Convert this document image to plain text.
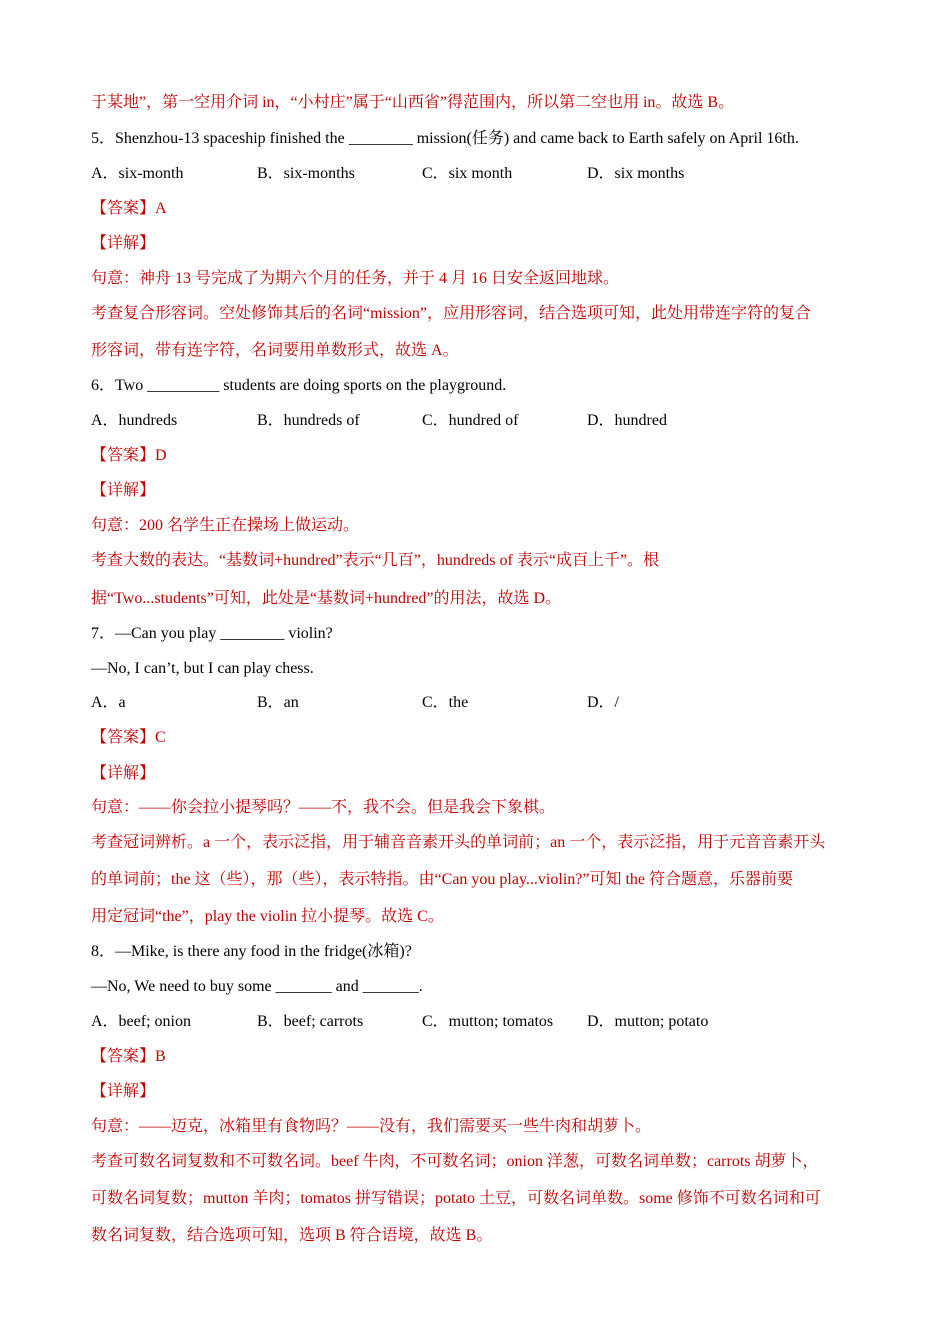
于某地”，第一空用介词 in，“小村庄”属于“山西省”得范围内，所以第二空也用 in。故选 B。
5．Shenzhou-13 spaceship finished the ________ mission(任务) and came back to Earth safely on April 16th.
A．six-month	B．six-months	C．six month	D．six months
【答案】A
【详解】
句意：神舟 13 号完成了为期六个月的任务，并于 4 月 16 日安全返回地球。
考查复合形容词。空处修饰其后的名词“mission”，应用形容词，结合选项可知，此处用带连字符的复合
形容词，带有连字符，名词要用单数形式，故选 A。
6．Two _________ students are doing sports on the playground.
A．hundreds	B．hundreds of	C．hundred of	D．hundred
【答案】D
【详解】
句意：200 名学生正在操场上做运动。
考查大数的表达。“基数词+hundred”表示“几百”，hundreds of 表示“成百上千”。根
据“Two...students”可知，此处是“基数词+hundred”的用法，故选 D。
7．—Can you play ________ violin?
—No, I can’t, but I can play chess.
A．a	B．an	C．the	D．/
【答案】C
【详解】
句意：——你会拉小提琴吗？——不，我不会。但是我会下象棋。
考查冠词辨析。a 一个，表示泛指，用于辅音音素开头的单词前；an 一个，表示泛指，用于元音音素开头
的单词前；the 这（些），那（些），表示特指。由“Can you play...violin?”可知 the 符合题意，乐器前要
用定冠词“the”，play the violin 拉小提琴。故选 C。
8．—Mike, is there any food in the fridge(冰箱)?
—No, We need to buy some _______ and _______.
A．beef; onion	B．beef; carrots	C．mutton; tomatos D．mutton; potato
【答案】B
【详解】
句意：——迈克，冰箱里有食物吗？——没有，我们需要买一些牛肉和胡萝卜。
考查可数名词复数和不可数名词。beef 牛肉，不可数名词；onion 洋葱，可数名词单数；carrots 胡萝卜，
可数名词复数；mutton 羊肉；tomatos 拼写错误；potato 土豆，可数名词单数。some 修饰不可数名词和可
数名词复数，结合选项可知，选项 B 符合语境，故选 B。
